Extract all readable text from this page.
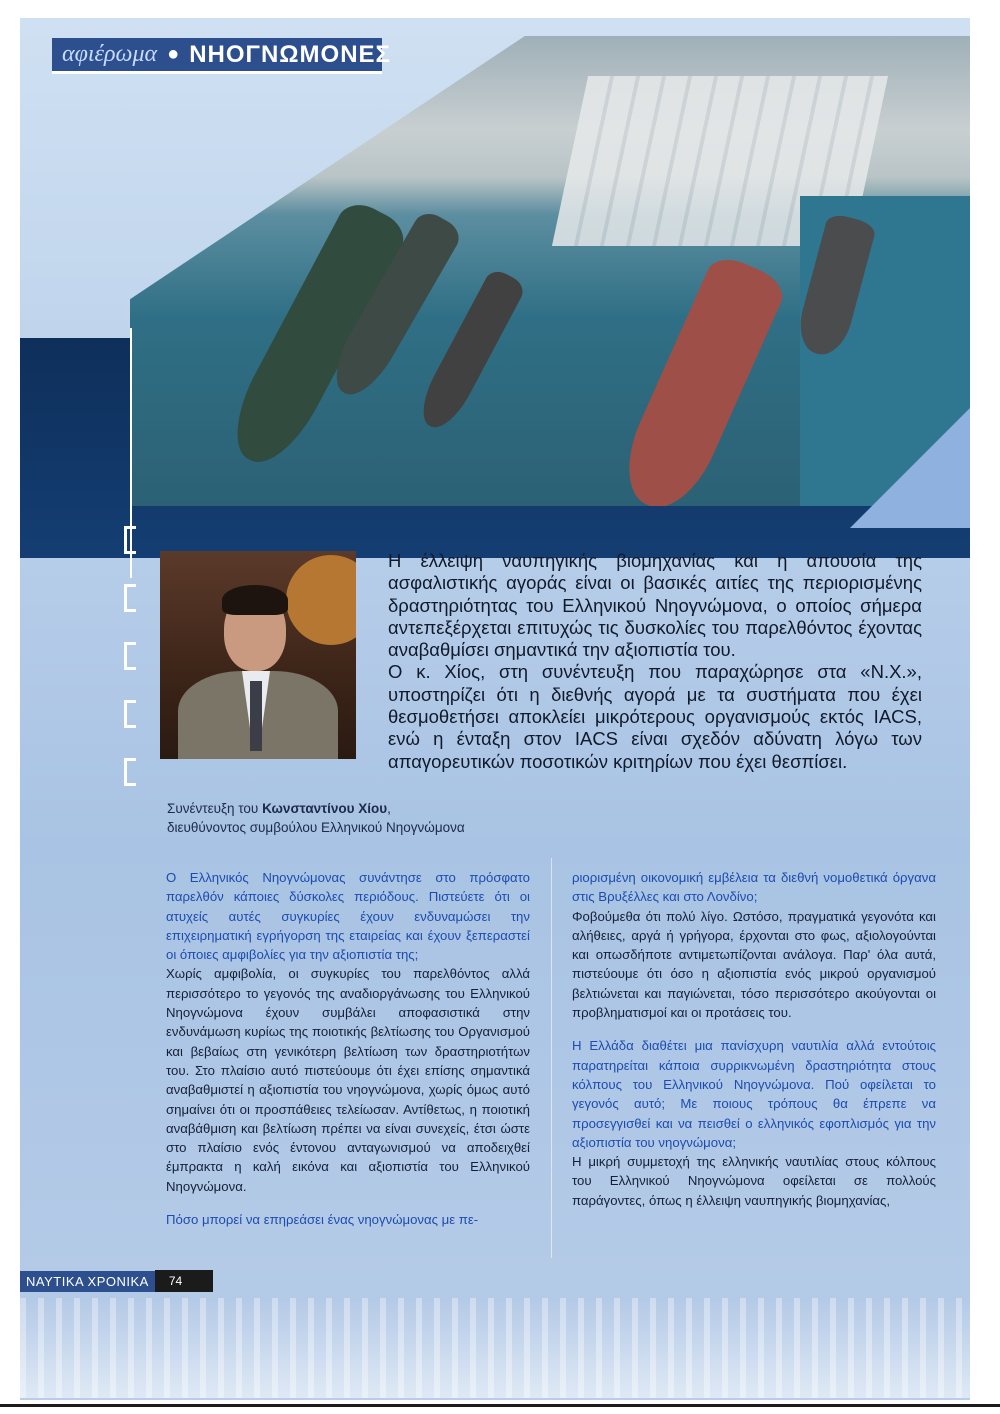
αφιέρωμα ● ΝΗΟΓΝΩΜΟΝΕΣ

Η έλλειψη ναυπηγικής βιομηχανίας και η απουσία της ασφαλιστικής αγοράς είναι οι βασικές αιτίες της περιορισμένης δραστηριότητας του Ελληνικού Νηογνώμονα, ο οποίος σήμερα αντεπεξέρχεται επιτυχώς τις δυσκολίες του παρελθόντος έχοντας αναβαθμίσει σημαντικά την αξιοπιστία του.

Ο κ. Χίος, στη συνέντευξη που παραχώρησε στα «Ν.Χ.», υποστηρίζει ότι η διεθνής αγορά με τα συστήματα που έχει θεσμοθετήσει αποκλείει μικρότερους οργανισμούς εκτός IACS, ενώ η ένταξη στον IACS είναι σχεδόν αδύνατη λόγω των απαγορευτικών ποσοτικών κριτηρίων που έχει θεσπίσει.

Συνέντευξη του Κωνσταντίνου Χίου,
διευθύνοντος συμβούλου Ελληνικού Νηογνώμονα

Ο Ελληνικός Νηογνώμονας συνάντησε στο πρόσφατο παρελθόν κάποιες δύσκολες περιόδους. Πιστεύετε ότι οι ατυχείς αυτές συγκυρίες έχουν ενδυναμώσει την επιχειρηματική εγρήγορση της εταιρείας και έχουν ξεπεραστεί οι όποιες αμφιβολίες για την αξιοπιστία της;

Χωρίς αμφιβολία, οι συγκυρίες του παρελθόντος αλλά περισσότερο το γεγονός της αναδιοργάνωσης του Ελληνικού Νηογνώμονα έχουν συμβάλει αποφασιστικά στην ενδυνάμωση κυρίως της ποιοτικής βελτίωσης του Οργανισμού και βεβαίως στη γενικότερη βελτίωση των δραστηριοτήτων του. Στο πλαίσιο αυτό πιστεύουμε ότι έχει επίσης σημαντικά αναβαθμιστεί η αξιοπιστία του νηογνώμονα, χωρίς όμως αυτό σημαίνει ότι οι προσπάθειες τελείωσαν. Αντίθετως, η ποιοτική αναβάθμιση και βελτίωση πρέπει να είναι συνεχείς, έτσι ώστε στο πλαίσιο ενός έντονου ανταγωνισμού να αποδειχθεί έμπρακτα η καλή εικόνα και αξιοπιστία του Ελληνικού Νηογνώμονα.

Πόσο μπορεί να επηρεάσει ένας νηογνώμονας με πε-

ριορισμένη οικονομική εμβέλεια τα διεθνή νομοθετικά όργανα στις Βρυξέλλες και στο Λονδίνο;

Φοβούμεθα ότι πολύ λίγο. Ωστόσο, πραγματικά γεγονότα και αλήθειες, αργά ή γρήγορα, έρχονται στο φως, αξιολογούνται και οπωσδήποτε αντιμετωπίζονται ανάλογα. Παρ' όλα αυτά, πιστεύουμε ότι όσο η αξιοπιστία ενός μικρού οργανισμού βελτιώνεται και παγιώνεται, τόσο περισσότερο ακούγονται οι προβληματισμοί και οι προτάσεις του.

Η Ελλάδα διαθέτει μια πανίσχυρη ναυτιλία αλλά εντούτοις παρατηρείται κάποια συρρικνωμένη δραστηριότητα στους κόλπους του Ελληνικού Νηογνώμονα. Πού οφείλεται το γεγονός αυτό; Με ποιους τρόπους θα έπρεπε να προσεγγισθεί και να πεισθεί ο ελληνικός εφοπλισμός για την αξιοπιστία του νηογνώμονα;

Η μικρή συμμετοχή της ελληνικής ναυτιλίας στους κόλπους του Ελληνικού Νηογνώμονα οφείλεται σε πολλούς παράγοντες, όπως η έλλειψη ναυπηγικής βιομηχανίας,

ΝΑΥΤΙΚΑ ΧΡΟΝΙΚΑ	74
